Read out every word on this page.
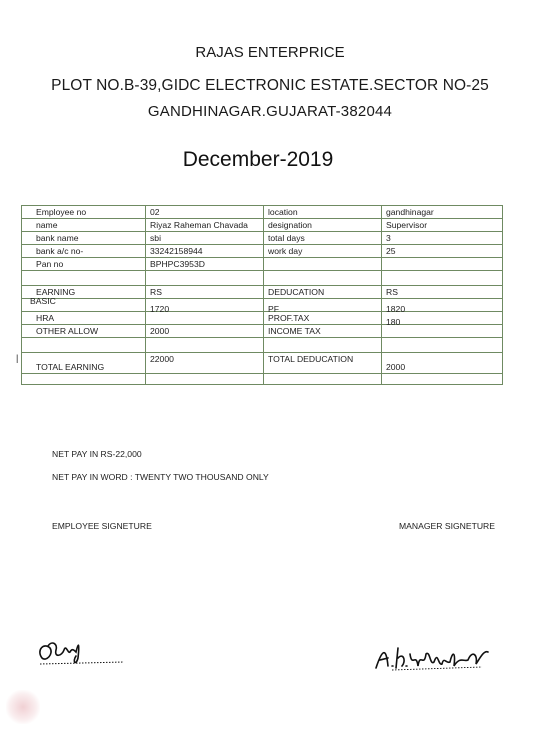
RAJAS ENTERPRICE
PLOT NO.B-39,GIDC ELECTRONIC ESTATE.SECTOR NO-25
GANDHINAGAR.GUJARAT-382044
December-2019
Employee no	02	location	gandhinagar
name	Riyaz Raheman Chavada	designation	Supervisor
bank name	sbi	total days	3
bank a/c no-	33242158944	work day	25
Pan no	BPHPC3953D		

EARNING	RS	DEDUCATION	RS
BASIC	1720	PF	1820
HRA		PROF.TAX	180
OTHER ALLOW	2000	INCOME TAX	

|
TOTAL EARNING	22000	TOTAL DEDUCATION	2000

NET PAY IN RS-22,000
NET PAY IN WORD : TWENTY TWO THOUSAND ONLY
EMPLOYEE SIGNETURE	MANAGER SIGNETURE
